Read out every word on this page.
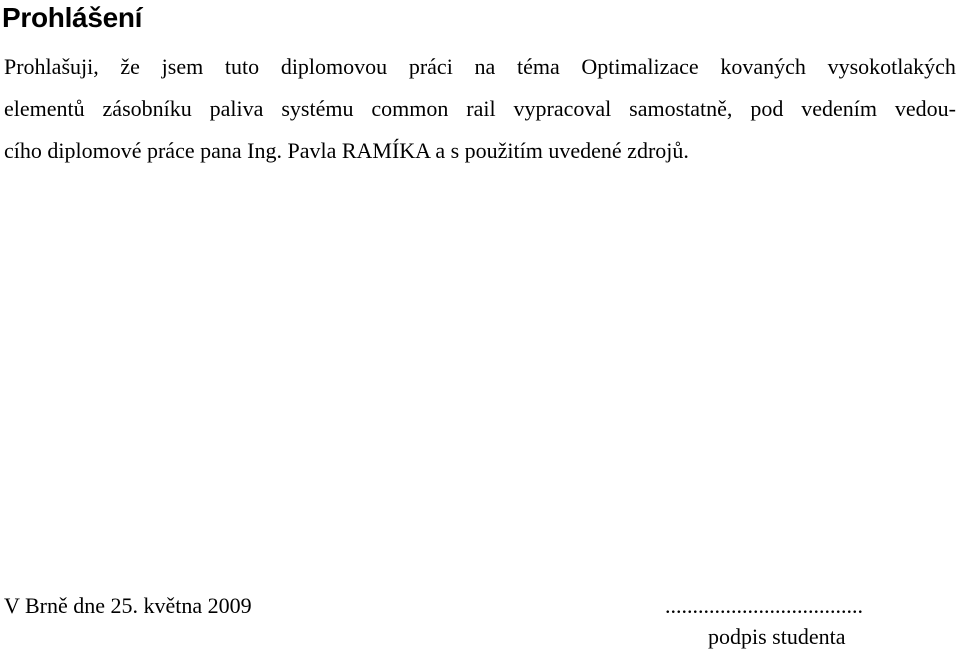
Prohlášení
Prohlašuji, že jsem tuto diplomovou práci na téma Optimalizace kovaných vysokotlakých
elementů zásobníku paliva systému common rail vypracoval samostatně, pod vedením vedou-
cího diplomové práce pana Ing. Pavla RAMÍKA a s použitím uvedené zdrojů.
V Brně dne 25. května 2009	....................................
podpis studenta
